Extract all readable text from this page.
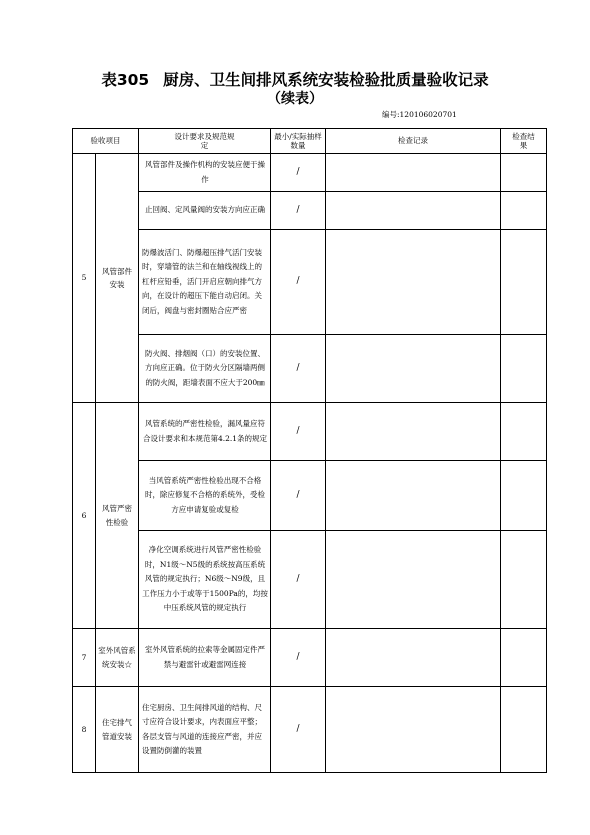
表305 厨房、卫生间排风系统安装检验批质量验收记录
（续表）
编号:120106020701
验收项目		设计要求及规范规定	最小/实际抽样数量	检查记录	检查结果
5	风管部件安装	风管部件及操作机构的安装应便于操作	/		
		止回阀、定风量阀的安装方向应正确	/		
		防爆波活门、防爆超压排气活门安装时，穿墙管的法兰和在轴线视线上的杠杆应铅垂，活门开启应朝向排气方向，在设计的超压下能自动启闭。关闭后，阀盘与密封圈贴合应严密	/		
		防火阀、排烟阀（口）的安装位置、方向应正确。位于防火分区隔墙两侧的防火阀，距墙表面不应大于200㎜	/		
6	风管严密性检验	风管系统的严密性检验，漏风量应符合设计要求和本规范第4.2.1条的规定	/		
		当风管系统严密性检验出现不合格时，除应修复不合格的系统外，受检方应申请复验或复检	/		
		净化空调系统进行风管严密性检验时，N1级～N5级的系统按高压系统风管的规定执行；N6级～N9级，且工作压力小于或等于1500Pa的，均按中压系统风管的规定执行	/		
7	室外风管系统安装☆	室外风管系统的拉索等金属固定件严禁与避雷针或避雷网连接	/		
8	住宅排气管道安装	住宅厨房、卫生间排风道的结构、尺寸应符合设计要求，内表面应平整；各层支管与风道的连接应严密，并应设置防倒灌的装置	/		
